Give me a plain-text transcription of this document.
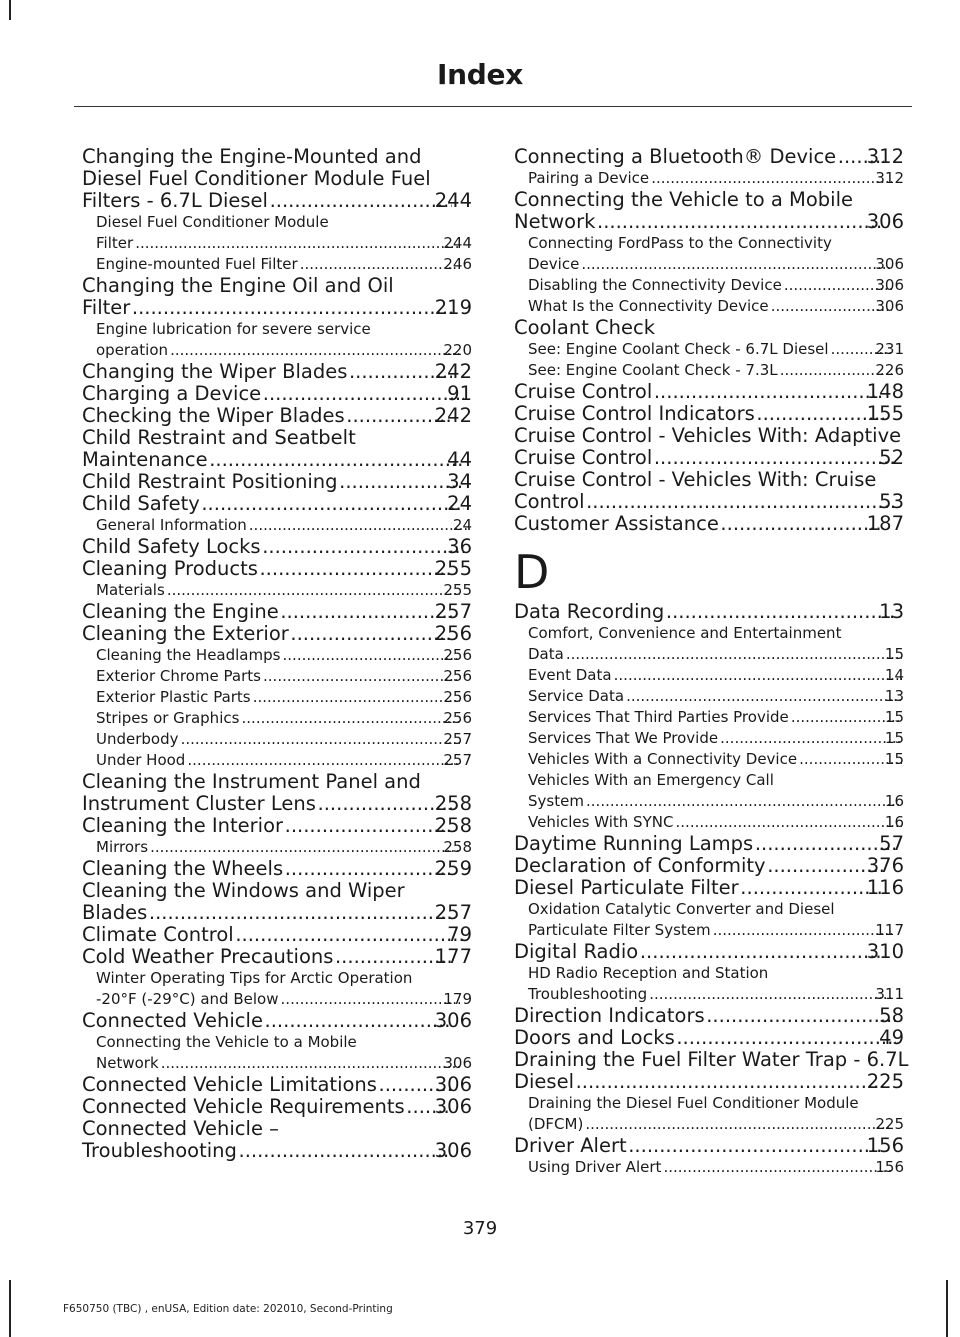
Index
Changing the Engine-Mounted and
Diesel Fuel Conditioner Module Fuel
Filters - 6.7L Diesel .....	244
Diesel Fuel Conditioner Module
Filter .....	244
Engine-mounted Fuel Filter .....	246
Changing the Engine Oil and Oil
Filter .....	219
Engine lubrication for severe service
operation .....	220
Changing the Wiper Blades .....	242
Charging a Device .....	91
Checking the Wiper Blades .....	242
Child Restraint and Seatbelt
Maintenance .....	44
Child Restraint Positioning .....	34
Child Safety .....	24
General Information .....	24
Child Safety Locks .....	36
Cleaning Products .....	255
Materials .....	255
Cleaning the Engine .....	257
Cleaning the Exterior .....	256
Cleaning the Headlamps .....	256
Exterior Chrome Parts .....	256
Exterior Plastic Parts .....	256
Stripes or Graphics .....	256
Underbody .....	257
Under Hood .....	257
Cleaning the Instrument Panel and
Instrument Cluster Lens .....	258
Cleaning the Interior .....	258
Mirrors .....	258
Cleaning the Wheels .....	259
Cleaning the Windows and Wiper
Blades .....	257
Climate Control .....	79
Cold Weather Precautions .....	177
Winter Operating Tips for Arctic Operation
-20°F (-29°C) and Below .....	179
Connected Vehicle .....	306
Connecting the Vehicle to a Mobile
Network .....	306
Connected Vehicle Limitations .....	306
Connected Vehicle Requirements ..... 306
Connected Vehicle –
Troubleshooting .....	306
Connecting a Bluetooth® Device ..... 312
Pairing a Device .....	312
Connecting the Vehicle to a Mobile
Network .....	306
Connecting FordPass to the Connectivity
Device .....	306
Disabling the Connectivity Device .....	306
What Is the Connectivity Device .....	306
Coolant Check
See: Engine Coolant Check - 6.7L Diesel .....	231
See: Engine Coolant Check - 7.3L .....	226
Cruise Control .....	148
Cruise Control Indicators .....	155
Cruise Control - Vehicles With: Adaptive
Cruise Control .....	52
Cruise Control - Vehicles With: Cruise
Control .....	53
Customer Assistance .....	187
D
Data Recording .....	13
Comfort, Convenience and Entertainment
Data .....	15
Event Data .....	14
Service Data .....	13
Services That Third Parties Provide .....	15
Services That We Provide .....	15
Vehicles With a Connectivity Device .....	15
Vehicles With an Emergency Call
System .....	16
Vehicles With SYNC .....	16
Daytime Running Lamps .....	57
Declaration of Conformity .....	376
Diesel Particulate Filter .....	116
Oxidation Catalytic Converter and Diesel
Particulate Filter System .....	117
Digital Radio .....	310
HD Radio Reception and Station
Troubleshooting .....	311
Direction Indicators .....	58
Doors and Locks .....	49
Draining the Fuel Filter Water Trap - 6.7L
Diesel .....	225
Draining the Diesel Fuel Conditioner Module
(DFCM) .....	225
Driver Alert .....	156
Using Driver Alert .....	156
379
F650750 (TBC) , enUSA, Edition date: 202010, Second-Printing
